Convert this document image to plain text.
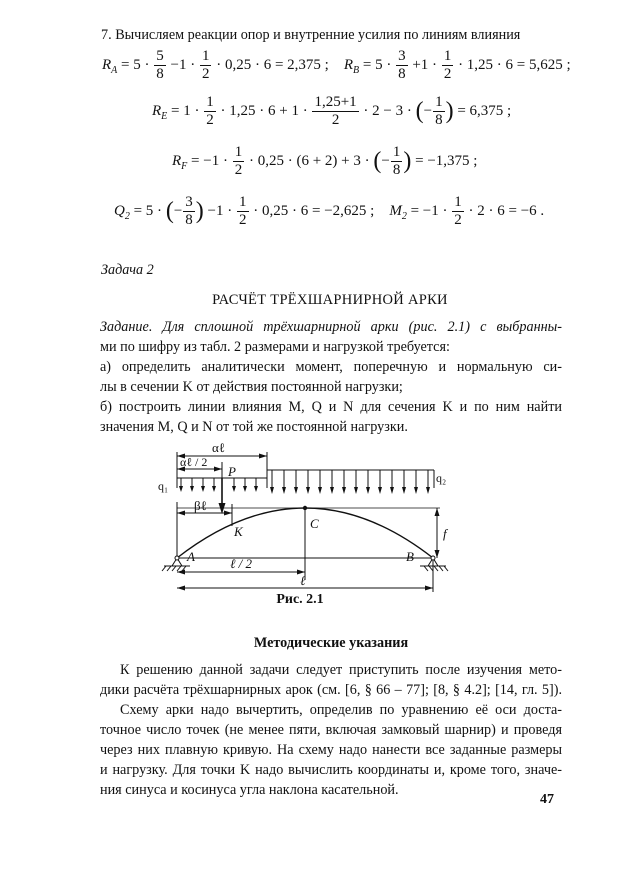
7. Вычисляем реакции опор и внутренние усилия по линиям влияния
$R_A = 5 \cdot \frac{5}{8} -1 \cdot \frac{1}{2} \cdot 0,25 \cdot 6 = 2,375$ ; $R_B = 5 \cdot \frac{3}{8} +1 \cdot \frac{1}{2} \cdot 1,25 \cdot 6 = 5,625$ ;
$R_E = 1 \cdot \frac{1}{2} \cdot 1,25 \cdot 6 + 1 \cdot \frac{1,25+1}{2} \cdot 2 - 3$ · (− $\frac{1}{8}$ ) = 6,375 ;
$R_F = -1 \cdot \frac{1}{2} \cdot 0,25 \cdot (6 + 2) + 3$ · (− $\frac{1}{8}$ ) = −1,375 ;
$Q_2 = 5$ · (− $\frac{3}{8}$ ) $-1 \cdot \frac{1}{2} \cdot 0,25 \cdot 6 = -2,625$ ; $M_2 = -1 \cdot \frac{1}{2} \cdot 2 \cdot 6 = -6$ .
Задача 2
РАСЧЁТ ТРЁХШАРНИРНОЙ АРКИ
Задание. Для сплошной трёхшарнирной арки (рис. 2.1) с выбранны-
ми по шифру из табл. 2 размерами и нагрузкой требуется:
а) определить аналитически момент, поперечную и нормальную си-
лы в сечении K от действия постоянной нагрузки;
б) построить линии влияния M, Q и N для сечения K и по ним найти
значения M, Q и N от той же постоянной нагрузки.
αℓ
αℓ / 2
P
q₁
q₂
βℓ
C
K	f
A	B
ℓ / 2
ℓ
Рис. 2.1
Методические указания
К решению данной задачи следует приступить после изучения мето-
дики расчёта трёхшарнирных арок (см. [6, § 66 – 77]; [8, § 4.2]; [14, гл. 5]).
Схему арки надо вычертить, определив по уравнению её оси доста-
точное число точек (не менее пяти, включая замковый шарнир) и проведя
через них плавную кривую. На схему надо нанести все заданные размеры
и нагрузку. Для точки K надо вычислить координаты и, кроме того, значе-
ния синуса и косинуса угла наклона касательной.
47
